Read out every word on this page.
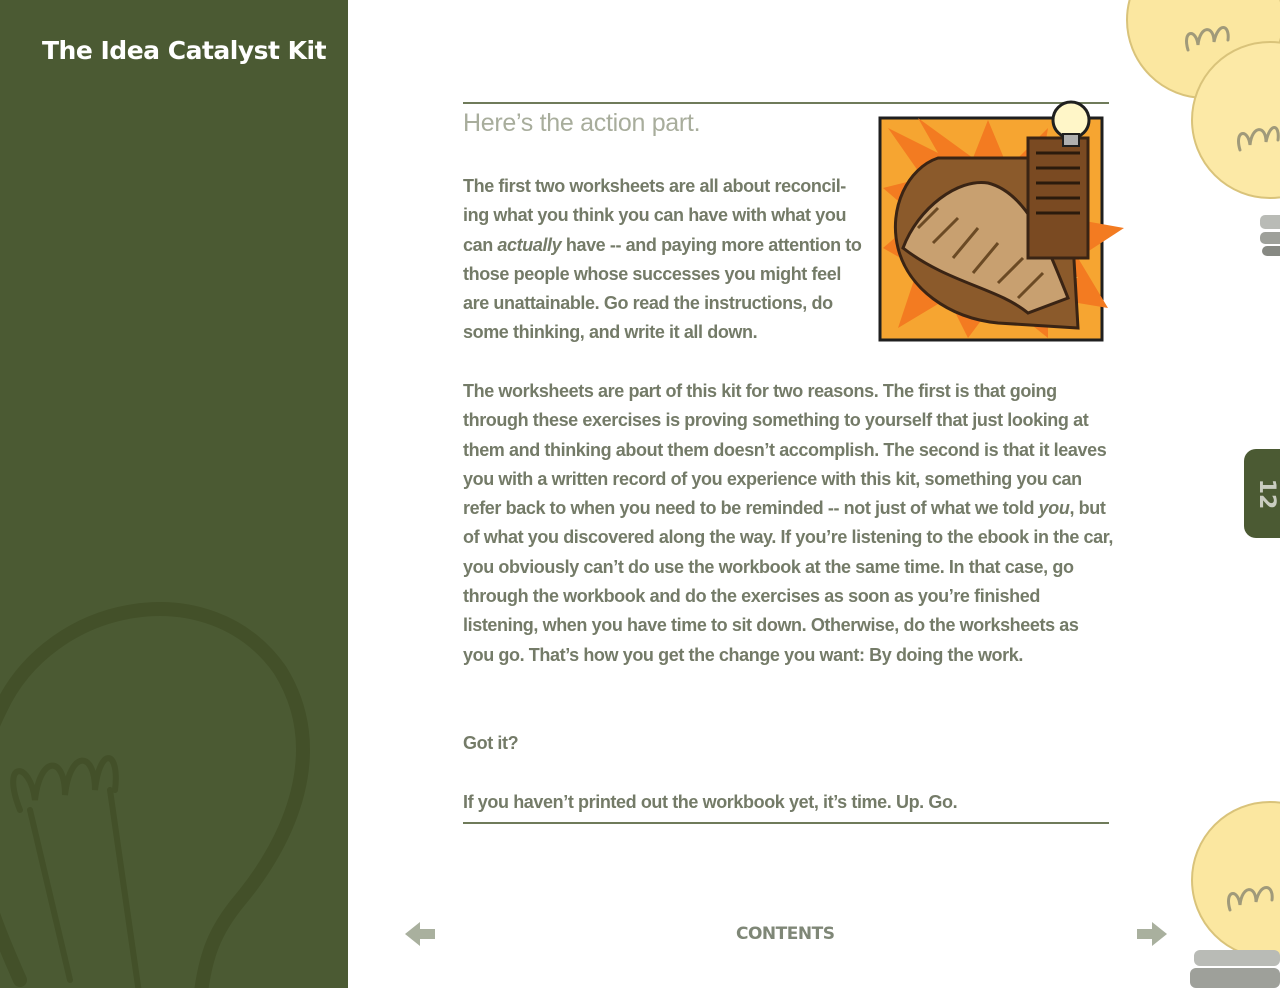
The Idea Catalyst Kit
Here’s the action part.

The first two worksheets are all about reconcil-ing what you think you can have with what you can actually have -- and paying more attention to those people whose successes you might feel are unattainable. Go read the instructions, do some thinking, and write it all down.

The worksheets are part of this kit for two reasons. The first is that going through these exercises is proving something to yourself that just looking at them and thinking about them doesn’t accomplish. The second is that it leaves you with a written record of you experience with this kit, something you can refer back to when you need to be reminded -- not just of what we told you, but of what you discovered along the way. If you’re listening to the ebook in the car, you obviously can’t do use the workbook at the same time. In that case, go through the workbook and do the exercises as soon as you’re finished listening, when you have time to sit down. Otherwise, do the worksheets as you go. That’s how you get the change you want: By doing the work.

Got it?

If you haven’t printed out the workbook yet, it’s time. Up. Go.

12
CONTENTS
